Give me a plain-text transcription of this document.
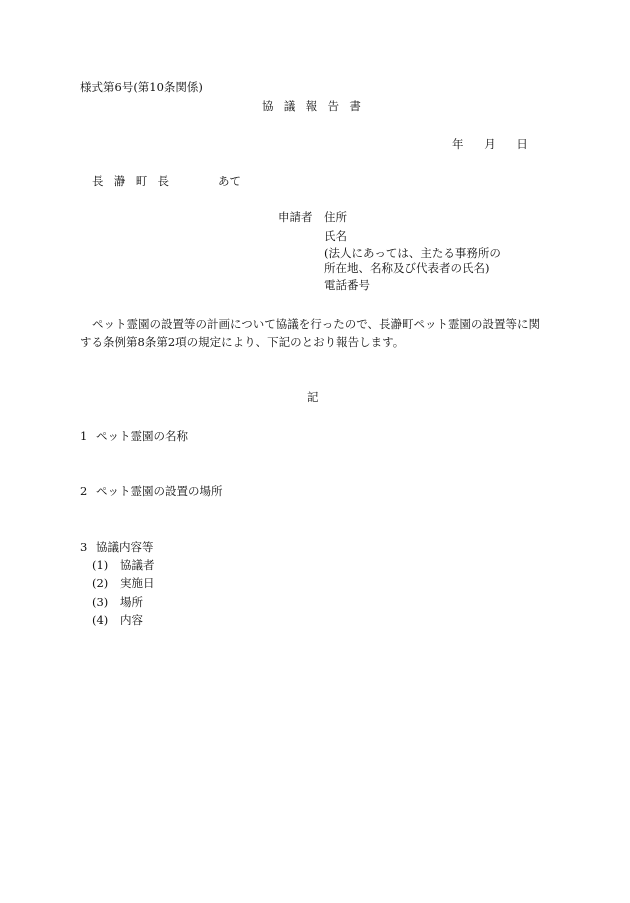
様式第6号(第10条関係)

協議報告書

年月日

長瀞町長	あて

申請者 住所

氏名

(法人にあっては、主たる事務所の

所在地、名称及び代表者の氏名)

電話番号

ペット霊園の設置等の計画について協議を行ったので、長瀞町ペット霊園の設置等に関

する条例第8条第2項の規定により、下記のとおり報告します。

記

1 ペット霊園の名称
2 ペット霊園の設置の場所
3 協議内容等
(1) 協議者
(2) 実施日
(3) 場所
(4) 内容
